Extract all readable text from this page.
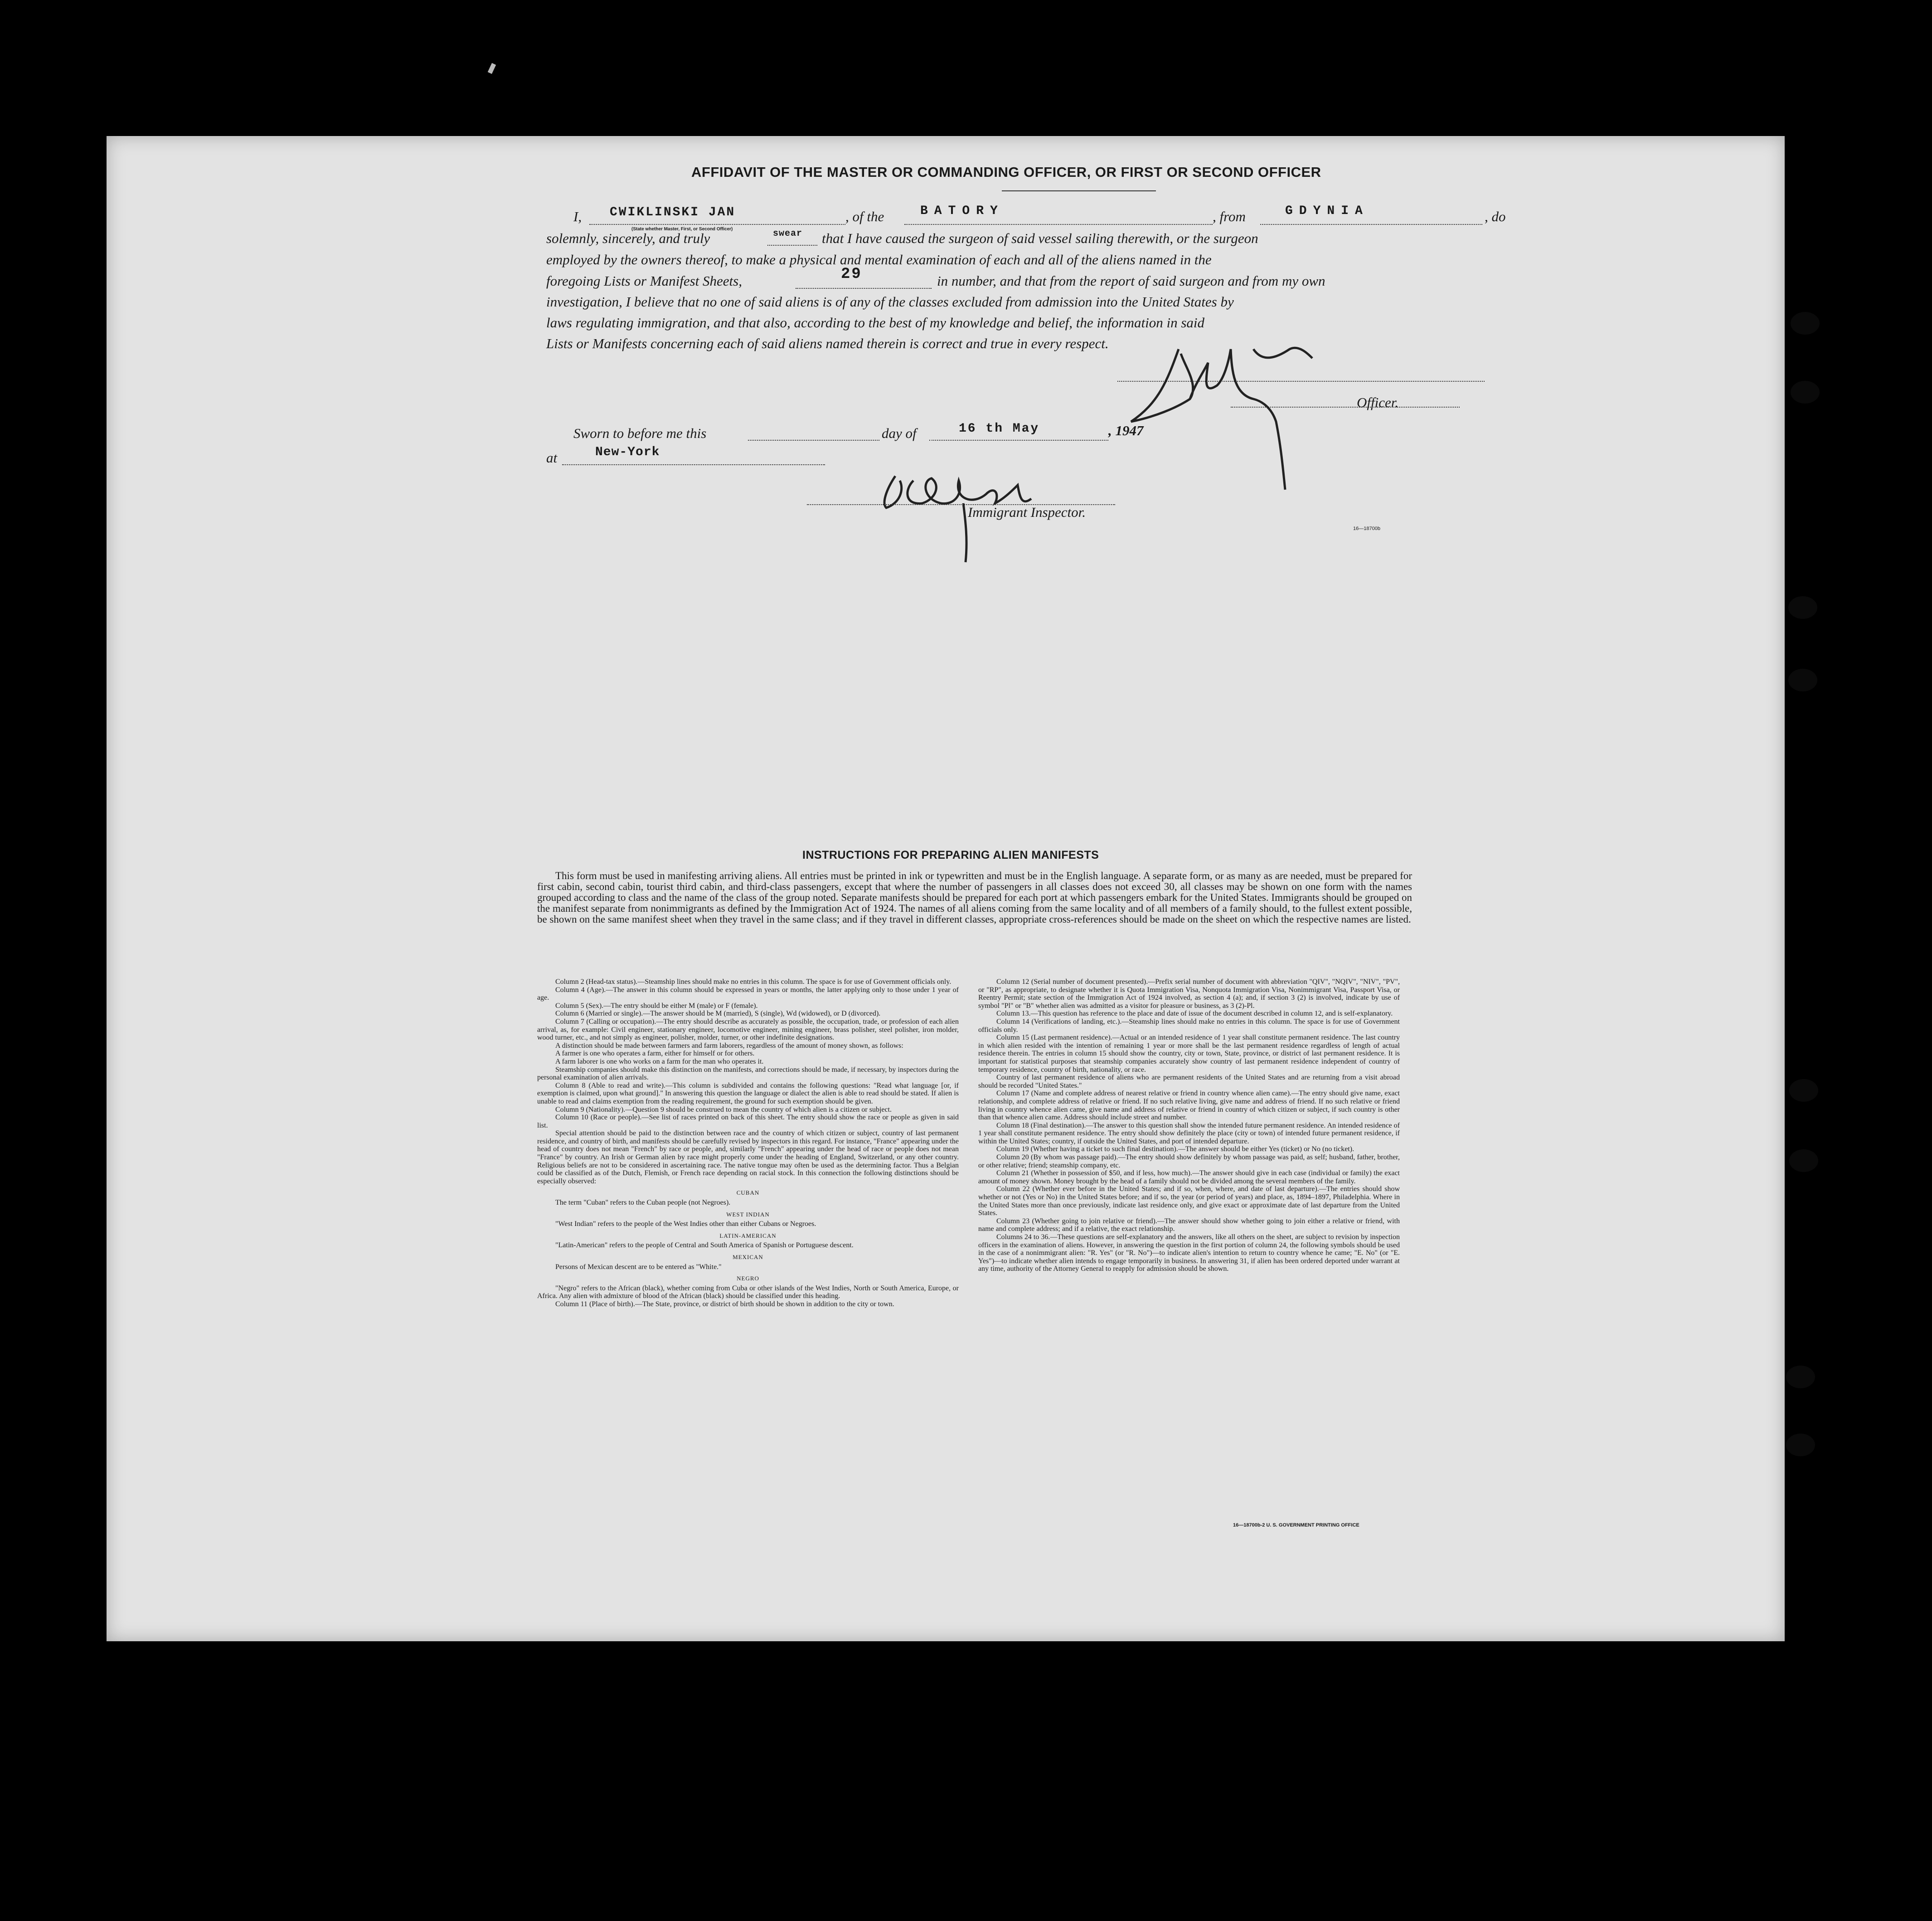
AFFIDAVIT OF THE MASTER OR COMMANDING OFFICER, OR FIRST OR SECOND OFFICER
I, CWIKLINSKI JAN
(State whether Master, First, or Second Officer)
, of the	BATORY	, from	GDYNIA	, do
solemnly, sincerely, and truly	swear that I have caused the surgeon of said vessel sailing therewith, or the surgeon
employed by the owners thereof, to make a physical and mental examination of each and all of the aliens named in the
foregoing Lists or Manifest Sheets,	29	in number, and that from the report of said surgeon and from my own
investigation, I believe that no one of said aliens is of any of the classes excluded from admission into the United States by
laws regulating immigration, and that also, according to the best of my knowledge and belief, the information in said
Lists or Manifests concerning each of said aliens named therein is correct and true in every respect.
Officer.
Sworn to before me this	day of	16 th May	, 1947
at	New-York
Immigrant Inspector.
16—18700b
INSTRUCTIONS FOR PREPARING ALIEN MANIFESTS
This form must be used in manifesting arriving aliens. All entries must be printed in ink or typewritten and must be in the English language. A separate form, or as many as are needed, must be prepared for first cabin, second cabin, tourist third cabin, and third-class passengers, except that where the number of passengers in all classes does not exceed 30, all classes may be shown on one form with the names grouped according to class and the name of the class of the group noted. Separate manifests should be prepared for each port at which passengers embark for the United States. Immigrants should be grouped on the manifest separate from nonimmigrants as defined by the Immigration Act of 1924. The names of all aliens coming from the same locality and of all members of a family should, to the fullest extent possible, be shown on the same manifest sheet when they travel in the same class; and if they travel in different classes, appropriate cross-references should be made on the sheet on which the respective names are listed.

Column 2 (Head-tax status).—Steamship lines should make no entries in this column. The space is for use of Government officials only.

Column 4 (Age).—The answer in this column should be expressed in years or months, the latter applying only to those under 1 year of age.

Column 5 (Sex).—The entry should be either M (male) or F (female).

Column 6 (Married or single).—The answer should be M (married), S (single), Wd (widowed), or D (divorced).

Column 7 (Calling or occupation).—The entry should describe as accurately as possible, the occupation, trade, or profession of each alien arrival, as, for example: Civil engineer, stationary engineer, locomotive engineer, mining engineer, brass polisher, steel polisher, iron molder, wood turner, etc., and not simply as engineer, polisher, molder, turner, or other indefinite designations.

A distinction should be made between farmers and farm laborers, regardless of the amount of money shown, as follows:

A farmer is one who operates a farm, either for himself or for others.

A farm laborer is one who works on a farm for the man who operates it.

Steamship companies should make this distinction on the manifests, and corrections should be made, if necessary, by inspectors during the personal examination of alien arrivals.

Column 8 (Able to read and write).—This column is subdivided and contains the following questions: "Read what language [or, if exemption is claimed, upon what ground]." In answering this question the language or dialect the alien is able to read should be stated. If alien is unable to read and claims exemption from the reading requirement, the ground for such exemption should be given.

Column 9 (Nationality).—Question 9 should be construed to mean the country of which alien is a citizen or subject.

Column 10 (Race or people).—See list of races printed on back of this sheet. The entry should show the race or people as given in said list.

Special attention should be paid to the distinction between race and the country of which citizen or subject, country of last permanent residence, and country of birth, and manifests should be carefully revised by inspectors in this regard. For instance, "France" appearing under the head of country does not mean "French" by race or people, and, similarly "French" appearing under the head of race or people does not mean "France" by country. An Irish or German alien by race might properly come under the heading of England, Switzerland, or any other country. Religious beliefs are not to be considered in ascertaining race. The native tongue may often be used as the determining factor. Thus a Belgian could be classified as of the Dutch, Flemish, or French race depending on racial stock. In this connection the following distinctions should be especially observed:

CUBAN

The term "Cuban" refers to the Cuban people (not Negroes).

WEST INDIAN

"West Indian" refers to the people of the West Indies other than either Cubans or Negroes.

LATIN-AMERICAN

"Latin-American" refers to the people of Central and South America of Spanish or Portuguese descent.

MEXICAN

Persons of Mexican descent are to be entered as "White."

NEGRO

"Negro" refers to the African (black), whether coming from Cuba or other islands of the West Indies, North or South America, Europe, or Africa. Any alien with admixture of blood of the African (black) should be classified under this heading.

Column 11 (Place of birth).—The State, province, or district of birth should be shown in addition to the city or town.

Column 12 (Serial number of document presented).—Prefix serial number of document with abbreviation "QIV", "NQIV", "NIV", "PV", or "RP", as appropriate, to designate whether it is Quota Immigration Visa, Nonquota Immigration Visa, Nonimmigrant Visa, Passport Visa, or Reentry Permit; state section of the Immigration Act of 1924 involved, as section 4 (a); and, if section 3 (2) is involved, indicate by use of symbol "Pl" or "B" whether alien was admitted as a visitor for pleasure or business, as 3 (2)-Pl.

Column 13.—This question has reference to the place and date of issue of the document described in column 12, and is self-explanatory.

Column 14 (Verifications of landing, etc.).—Steamship lines should make no entries in this column. The space is for use of Government officials only.

Column 15 (Last permanent residence).—Actual or an intended residence of 1 year shall constitute permanent residence. The last country in which alien resided with the intention of remaining 1 year or more shall be the last permanent residence regardless of length of actual residence therein. The entries in column 15 should show the country, city or town, State, province, or district of last permanent residence. It is important for statistical purposes that steamship companies accurately show country of last permanent residence independent of country of temporary residence, country of birth, nationality, or race.

Country of last permanent residence of aliens who are permanent residents of the United States and are returning from a visit abroad should be recorded "United States."

Column 17 (Name and complete address of nearest relative or friend in country whence alien came).—The entry should give name, exact relationship, and complete address of relative or friend. If no such relative living, give name and address of friend. If no such relative or friend living in country whence alien came, give name and address of relative or friend in country of which citizen or subject, if such country is other than that whence alien came. Address should include street and number.

Column 18 (Final destination).—The answer to this question shall show the intended future permanent residence. An intended residence of 1 year shall constitute permanent residence. The entry should show definitely the place (city or town) of intended future permanent residence, if within the United States; country, if outside the United States, and port of intended departure.

Column 19 (Whether having a ticket to such final destination).—The answer should be either Yes (ticket) or No (no ticket).

Column 20 (By whom was passage paid).—The entry should show definitely by whom passage was paid, as self; husband, father, brother, or other relative; friend; steamship company, etc.

Column 21 (Whether in possession of $50, and if less, how much).—The answer should give in each case (individual or family) the exact amount of money shown. Money brought by the head of a family should not be divided among the several members of the family.

Column 22 (Whether ever before in the United States; and if so, when, where, and date of last departure).—The entries should show whether or not (Yes or No) in the United States before; and if so, the year (or period of years) and place, as, 1894–1897, Philadelphia. Where in the United States more than once previously, indicate last residence only, and give exact or approximate date of last departure from the United States.

Column 23 (Whether going to join relative or friend).—The answer should show whether going to join either a relative or friend, with name and complete address; and if a relative, the exact relationship.

Columns 24 to 36.—These questions are self-explanatory and the answers, like all others on the sheet, are subject to revision by inspection officers in the examination of aliens. However, in answering the question in the first portion of column 24, the following symbols should be used in the case of a nonimmigrant alien: "R. Yes" (or "R. No")—to indicate alien's intention to return to country whence he came; "E. No" (or "E. Yes")—to indicate whether alien intends to engage temporarily in business. In answering 31, if alien has been ordered deported under warrant at any time, authority of the Attorney General to reapply for admission should be shown.

16—18700b-2 U. S. GOVERNMENT PRINTING OFFICE
